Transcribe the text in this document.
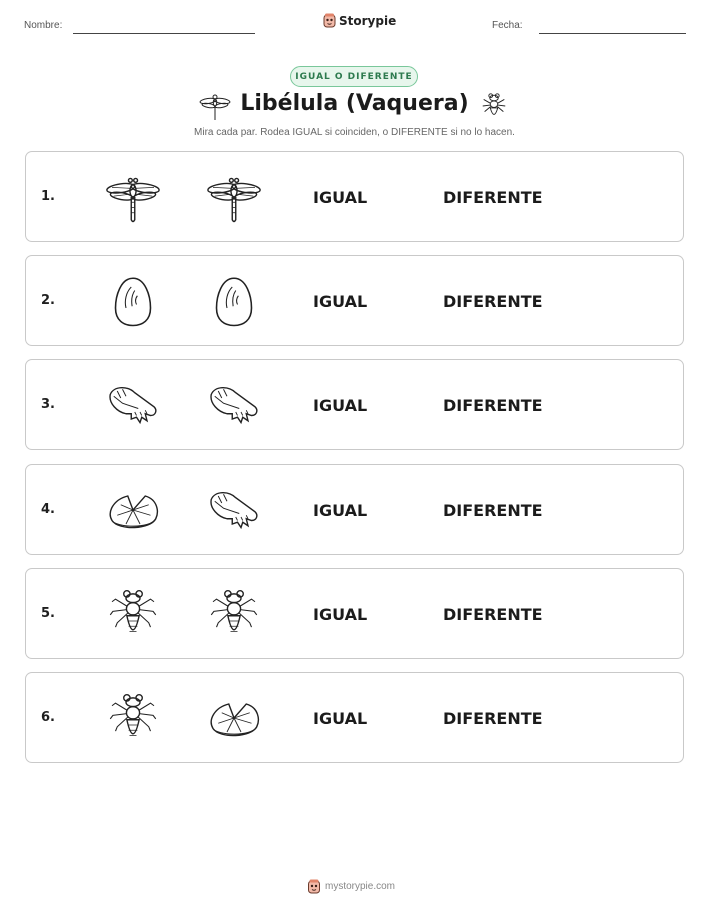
Nombre:	Storypie	Fecha:
IGUAL O DIFERENTE
Libélula (Vaquera)
Mira cada par. Rodea IGUAL si coinciden, o DIFERENTE si no lo hacen.
1.	IGUAL	DIFERENTE
2.	IGUAL	DIFERENTE
3.	IGUAL	DIFERENTE
4.	IGUAL	DIFERENTE
5.	IGUAL	DIFERENTE
6.	IGUAL	DIFERENTE
mystorypie.com
